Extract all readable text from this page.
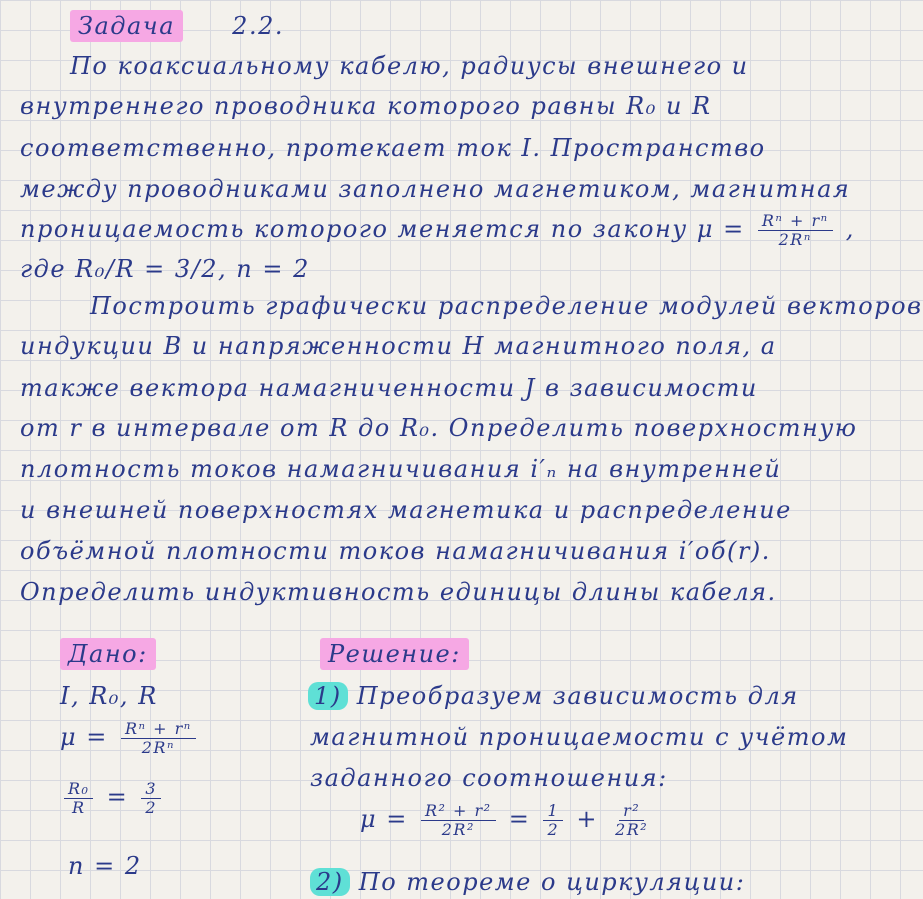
Задача 2.2.
По коаксиальному кабелю, радиусы внешнего и
внутреннего проводника которого равны R₀ и R
соответственно, протекает ток I. Пространство
между проводниками заполнено магнетиком, магнитная
проницаемость которого меняется по закону $\mu = \frac{\text{Rⁿ + rⁿ}}{\text{2Rⁿ}}$ ,
где R₀/R = 3/2, n = 2
Построить графически распределение модулей векторов
индукции B и напряженности H магнитного поля, а
также вектора намагниченности J в зависимости
от r в интервале от R до R₀. Определить поверхностную
плотность токов намагничивания i′ₙ на внутренней
и внешней поверхностях магнетика и распределение
объёмной плотности токов намагничивания i′об(r).
Определить индуктивность единицы длины кабеля.
Дано:
I, R₀, R
$\mu = \frac{\text{Rⁿ + rⁿ}}{\text{2Rⁿ}}$
$\frac{\text{R₀}}{R} = \frac{3}{2}$
n = 2
Решение:
1) Преобразуем зависимость для
магнитной проницаемости с учётом
заданного соотношения:
$\mu = \frac{\text{R² + r²}}{\text{2R²}} = \frac{1}{2} + \frac{\text{r²}}{\text{2R²}}$
2) По теореме о циркуляции:
